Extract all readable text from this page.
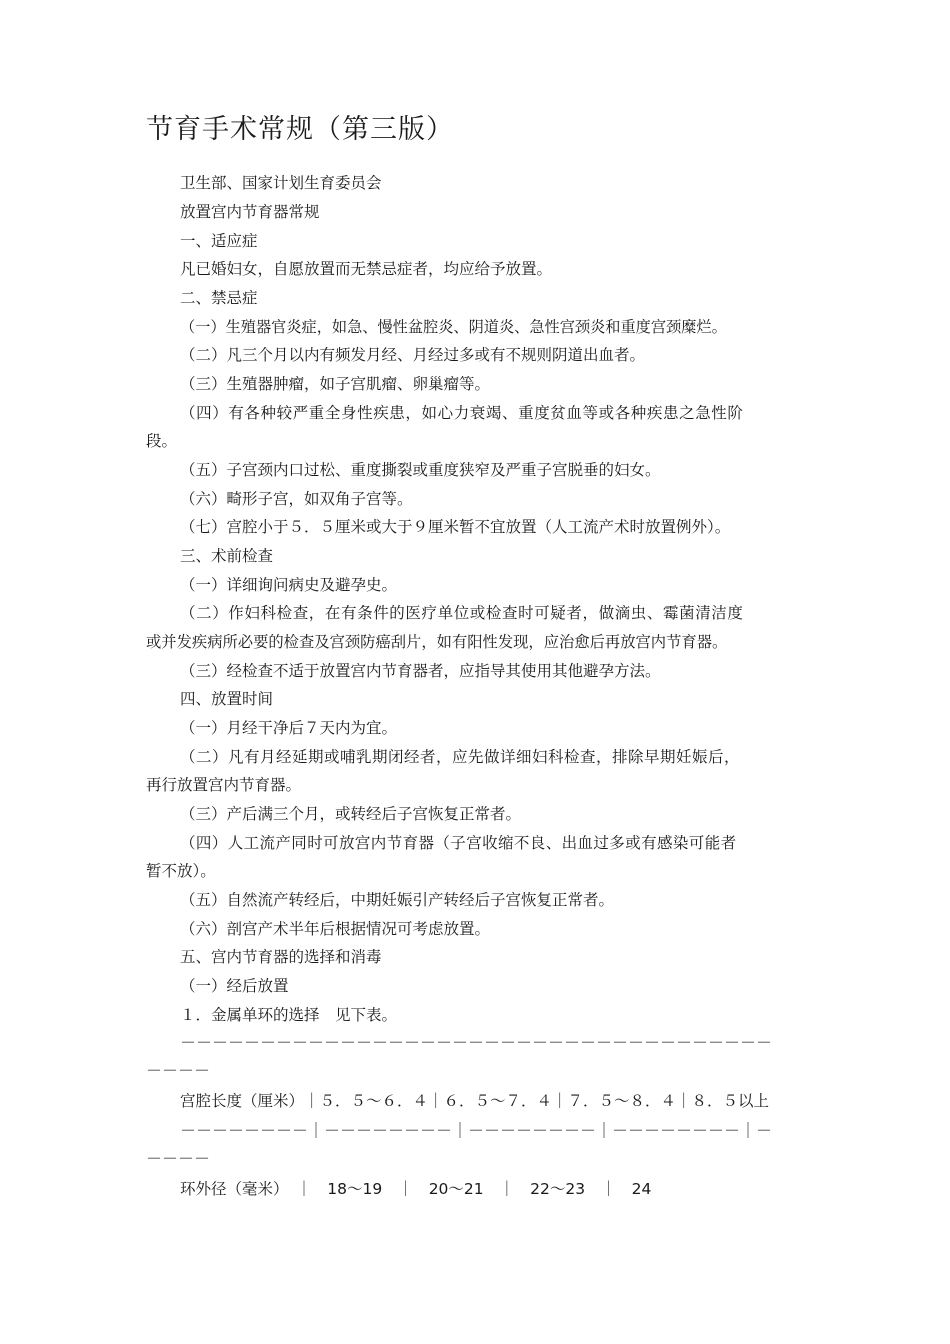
节育手术常规（第三版）

卫生部、国家计划生育委员会

放置宫内节育器常规

一、适应症

凡已婚妇女，自愿放置而无禁忌症者，均应给予放置。

二、禁忌症

（一）生殖器官炎症，如急、慢性盆腔炎、阴道炎、急性宫颈炎和重度宫颈糜烂。

（二）凡三个月以内有频发月经、月经过多或有不规则阴道出血者。

（三）生殖器肿瘤，如子宫肌瘤、卵巢瘤等。

（四）有各种较严重全身性疾患，如心力衰竭、重度贫血等或各种疾患之急性阶

段。

（五）子宫颈内口过松、重度撕裂或重度狭窄及严重子宫脱垂的妇女。

（六）畸形子宫，如双角子宫等。

（七）宫腔小于５．５厘米或大于９厘米暂不宜放置（人工流产术时放置例外）。

三、术前检查

（一）详细询问病史及避孕史。

（二）作妇科检查，在有条件的医疗单位或检查时可疑者，做滴虫、霉菌清洁度

或并发疾病所必要的检查及宫颈防癌刮片，如有阳性发现，应治愈后再放宫内节育器。

（三）经检查不适于放置宫内节育器者，应指导其使用其他避孕方法。

四、放置时间

（一）月经干净后７天内为宜。

（二）凡有月经延期或哺乳期闭经者，应先做详细妇科检查，排除早期妊娠后，

再行放置宫内节育器。

（三）产后满三个月，或转经后子宫恢复正常者。

（四）人工流产同时可放宫内节育器（子宫收缩不良、出血过多或有感染可能者

暂不放）。

（五）自然流产转经后，中期妊娠引产转经后子宫恢复正常者。

（六）剖宫产术半年后根据情况可考虑放置。

五、宫内节育器的选择和消毒

（一）经后放置

１．金属单环的选择　见下表。

－－－－－－－－－－－－－－－－－－－－－－－－－－－－－－－－－－－－－

－－－－

宫腔长度（厘米）｜５．５～６．４｜６．５～７．４｜７．５～８．４｜８．５以上

－－－－－－－－｜－－－－－－－－｜－－－－－－－－｜－－－－－－－－｜－

－－－－

环外径（毫米）　｜　18～19　｜　20～21　｜　22～23　｜　24
